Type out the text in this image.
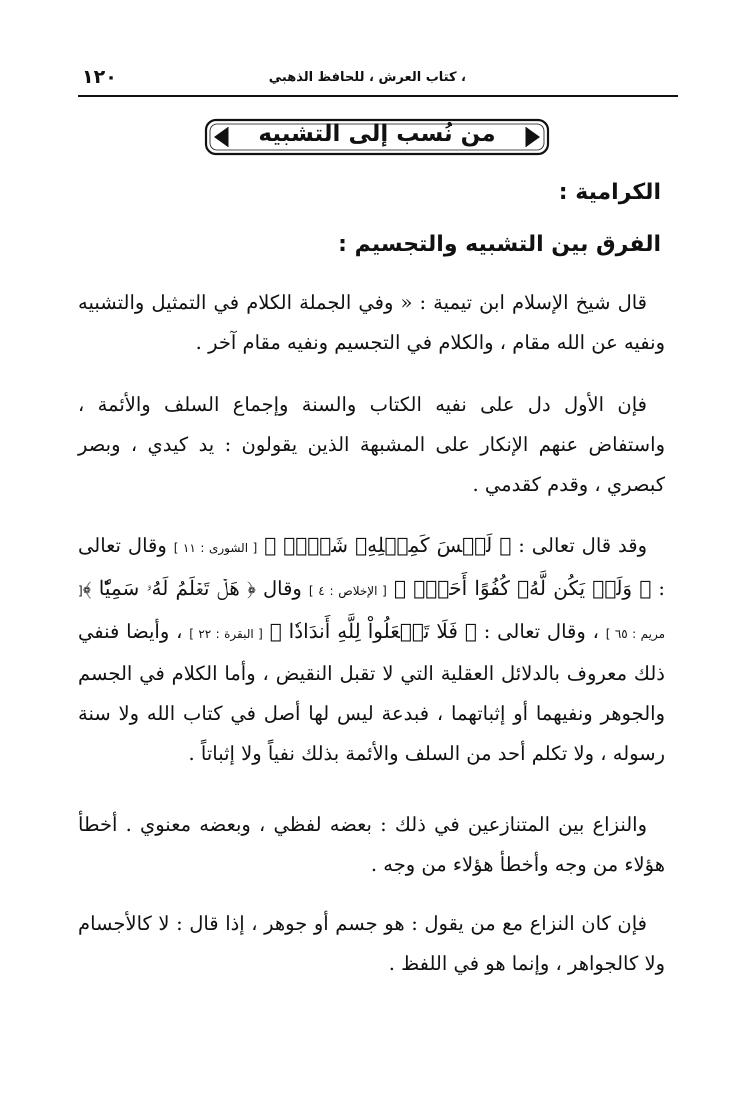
، كتاب العرش ، للحافظ الذهبي
١٢٠
من نُسب إلى التشبيه
الكرامية :
الفرق بين التشبيه والتجسيم :
قال شيخ الإسلام ابن تيمية : « وفي الجملة الكلام في التمثيل والتشبيه ونفيه عن الله مقام ، والكلام في التجسيم ونفيه مقام آخر .
فإن الأول دل على نفيه الكتاب والسنة وإجماع السلف والأئمة ، واستفاض عنهم الإنكار على المشبهة الذين يقولون : يد كيدي ، وبصر كبصري ، وقدم كقدمي .
وقد قال تعالى : ﴿ لَيۡسَ كَمِثۡلِهِۦ شَيۡءٞ ﴾ [ الشورى : ١١ ] وقال تعالى : ﴿ وَلَمۡ يَكُن لَّهُۥ كُفُوًا أَحَدُۢ ﴾ [ الإخلاص : ٤ ] وقال ﴿ هَلۡ تَعۡلَمُ لَهُۥ سَمِيّٗا ﴾[ مريم : ٦٥ ] ، وقال تعالى : ﴿ فَلَا تَجۡعَلُواْ لِلَّهِ أَندَادٗا ﴾ [ البقرة : ٢٢ ] ، وأيضا فنفي ذلك معروف بالدلائل العقلية التي لا تقبل النقيض ، وأما الكلام في الجسم والجوهر ونفيهما أو إثباتهما ، فبدعة ليس لها أصل في كتاب الله ولا سنة رسوله ، ولا تكلم أحد من السلف والأئمة بذلك نفياً ولا إثباتاً .
والنزاع بين المتنازعين في ذلك : بعضه لفظي ، وبعضه معنوي . أخطأ هؤلاء من وجه وأخطأ هؤلاء من وجه .
فإن كان النزاع مع من يقول : هو جسم أو جوهر ، إذا قال : لا كالأجسام ولا كالجواهر ، وإنما هو في اللفظ .
